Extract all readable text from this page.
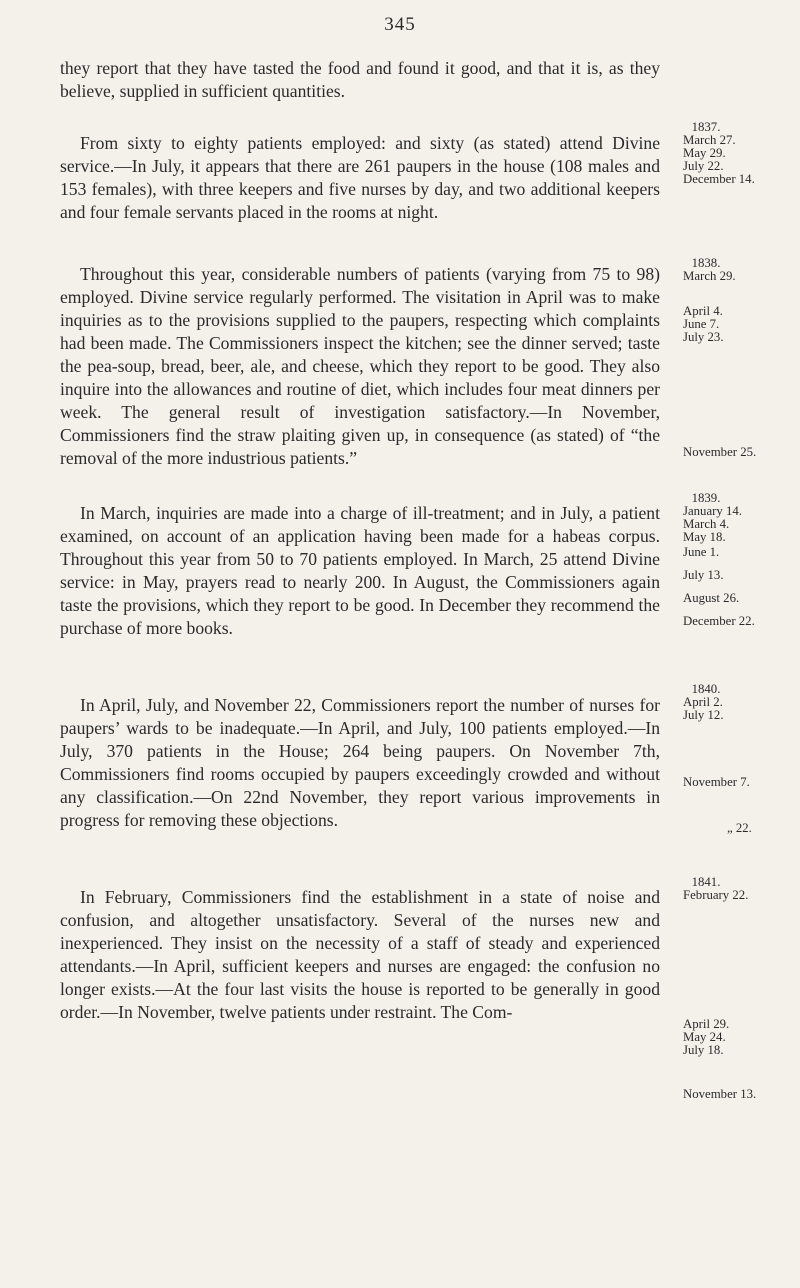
345

they report that they have tasted the food and found it good, and that it is, as they believe, supplied in sufficient quantities.

From sixty to eighty patients employed: and sixty (as stated) attend Divine service.—In July, it appears that there are 261 paupers in the house (108 males and 153 females), with three keepers and five nurses by day, and two additional keepers and four female servants placed in the rooms at night.

Throughout this year, considerable numbers of patients (varying from 75 to 98) employed. Divine service regularly performed. The visitation in April was to make inquiries as to the provisions supplied to the paupers, respecting which complaints had been made. The Commissioners inspect the kitchen; see the dinner served; taste the pea-soup, bread, beer, ale, and cheese, which they report to be good. They also inquire into the allowances and routine of diet, which includes four meat dinners per week. The general result of investigation satisfactory.—In November, Commissioners find the straw plaiting given up, in consequence (as stated) of “the removal of the more industrious patients.”

In March, inquiries are made into a charge of ill-treatment; and in July, a patient examined, on account of an application having been made for a habeas corpus. Throughout this year from 50 to 70 patients employed. In March, 25 attend Divine service: in May, prayers read to nearly 200. In August, the Commissioners again taste the provisions, which they report to be good. In December they recommend the purchase of more books.

In April, July, and November 22, Commissioners report the number of nurses for paupers’ wards to be inadequate.—In April, and July, 100 patients employed.—In July, 370 patients in the House; 264 being paupers. On November 7th, Commissioners find rooms occupied by paupers exceedingly crowded and without any classification.—On 22nd November, they report various improvements in progress for removing these objections.

In February, Commissioners find the establishment in a state of noise and confusion, and altogether unsatisfactory. Several of the nurses new and inexperienced. They insist on the necessity of a staff of steady and experienced attendants.—In April, sufficient keepers and nurses are engaged: the confusion no longer exists.—At the four last visits the house is reported to be generally in good order.—In November, twelve patients under restraint. The Com-

1837.
March 27.
May 29.
July 22.
December 14.
1838.
March 29.
April 4.
June 7.
July 23.
November 25.
1839.
January 14.
March 4.
May 18.
June 1.
July 13.
August 26.
December 22.
1840.
April 2.
July 12.
November 7.
„ 22.
1841.
February 22.
April 29.
May 24.
July 18.
November 13.
